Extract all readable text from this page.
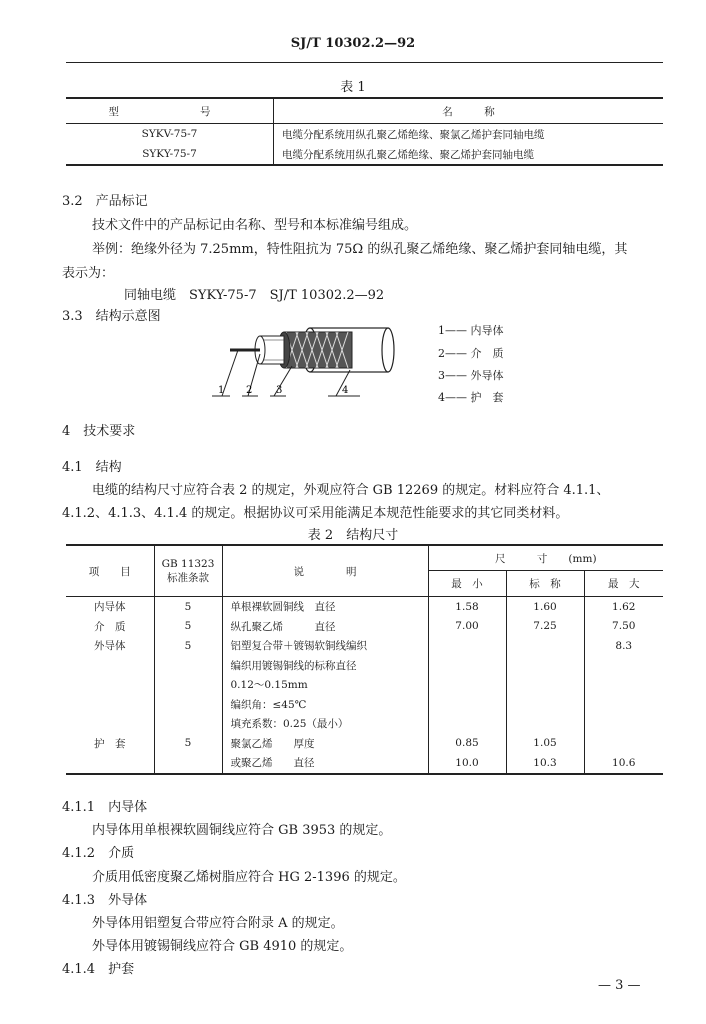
SJ/T 10302.2—92
表 1
型　　号	名　　　称
SYKV-75-7	电缆分配系统用纵孔聚乙烯绝缘、聚氯乙烯护套同轴电缆
SYKY-75-7	电缆分配系统用纵孔聚乙烯绝缘、聚乙烯护套同轴电缆
3.2　产品标记
技术文件中的产品标记由名称、型号和本标准编号组成。
举例：绝缘外径为 7.25mm，特性阻抗为 75Ω 的纵孔聚乙烯绝缘、聚乙烯护套同轴电缆，其
表示为：
同轴电缆　SYKY-75-7　SJ/T 10302.2—92
3.3　结构示意图
1 2 3	4
1—— 内导体
2—— 介　质
3—— 外导体
4—— 护　套
4　技术要求
4.1　结构
电缆的结构尺寸应符合表 2 的规定，外观应符合 GB 12269 的规定。材料应符合 4.1.1、
4.1.2、4.1.3、4.1.4 的规定。根据协议可采用能满足本规范性能要求的其它同类材料。
表 2　结构尺寸
项　　目	GB 11323
标准条款	说　　　　明	尺　　　寸　　(mm)		
			最　小	标　称	最　大
内导体	5	单根裸软圆铜线　直径	1.58	1.60	1.62
介　质	5	纵孔聚乙烯　　　直径	7.00	7.25	7.50
外导体	5	铝塑复合带＋镀锡软铜线编织			8.3
		编织用镀锡铜线的标称直径			
		0.12～0.15mm			
		编织角：≤45℃			
		填充系数：0.25（最小）			
护　套	5	聚氯乙烯　　厚度	0.85	1.05	
		或聚乙烯　　直径	10.0	10.3	10.6
4.1.1　内导体
内导体用单根裸软圆铜线应符合 GB 3953 的规定。
4.1.2　介质
介质用低密度聚乙烯树脂应符合 HG 2-1396 的规定。
4.1.3　外导体
外导体用铝塑复合带应符合附录 A 的规定。
外导体用镀锡铜线应符合 GB 4910 的规定。
4.1.4　护套
— 3 —
